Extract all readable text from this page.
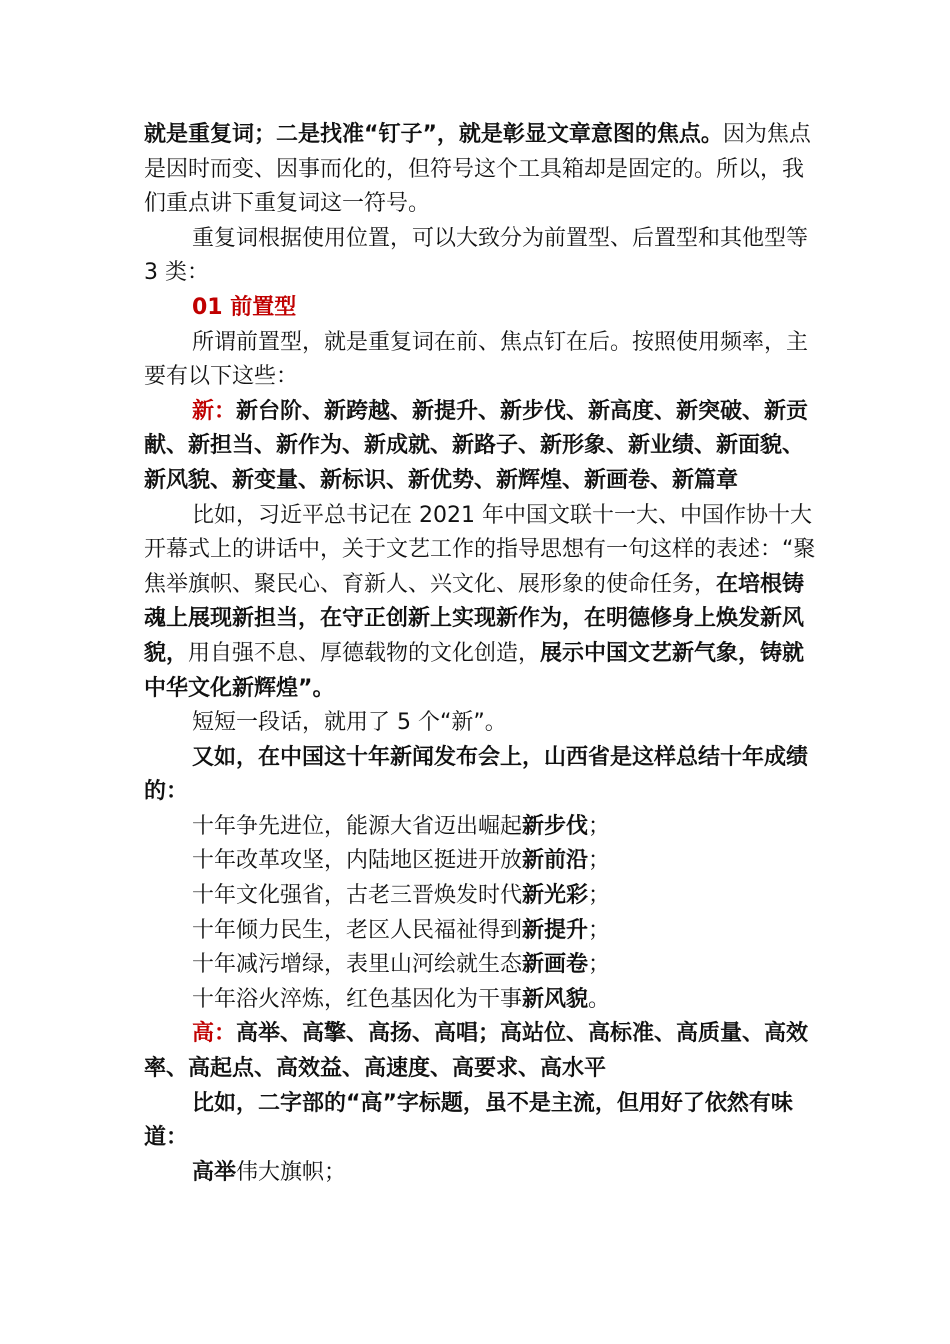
就是重复词；二是找准“钉子”，就是彰显文章意图的焦点。因为焦点是因时而变、因事而化的，但符号这个工具箱却是固定的。所以，我们重点讲下重复词这一符号。

重复词根据使用位置，可以大致分为前置型、后置型和其他型等 3 类：

01 前置型

所谓前置型，就是重复词在前、焦点钉在后。按照使用频率，主要有以下这些：

新：新台阶、新跨越、新提升、新步伐、新高度、新突破、新贡献、新担当、新作为、新成就、新路子、新形象、新业绩、新面貌、新风貌、新变量、新标识、新优势、新辉煌、新画卷、新篇章

比如，习近平总书记在 2021 年中国文联十一大、中国作协十大开幕式上的讲话中，关于文艺工作的指导思想有一句这样的表述：“聚焦举旗帜、聚民心、育新人、兴文化、展形象的使命任务，在培根铸魂上展现新担当，在守正创新上实现新作为，在明德修身上焕发新风貌，用自强不息、厚德载物的文化创造，展示中国文艺新气象，铸就中华文化新辉煌”。

短短一段话，就用了 5 个“新”。

又如，在中国这十年新闻发布会上，山西省是这样总结十年成绩的：

十年争先进位，能源大省迈出崛起新步伐；

十年改革攻坚，内陆地区挺进开放新前沿；

十年文化强省，古老三晋焕发时代新光彩；

十年倾力民生，老区人民福祉得到新提升；

十年减污增绿，表里山河绘就生态新画卷；

十年浴火淬炼，红色基因化为干事新风貌。

高：高举、高擎、高扬、高唱；高站位、高标准、高质量、高效率、高起点、高效益、高速度、高要求、高水平

比如，二字部的“高”字标题，虽不是主流，但用好了依然有味道：

高举伟大旗帜；
